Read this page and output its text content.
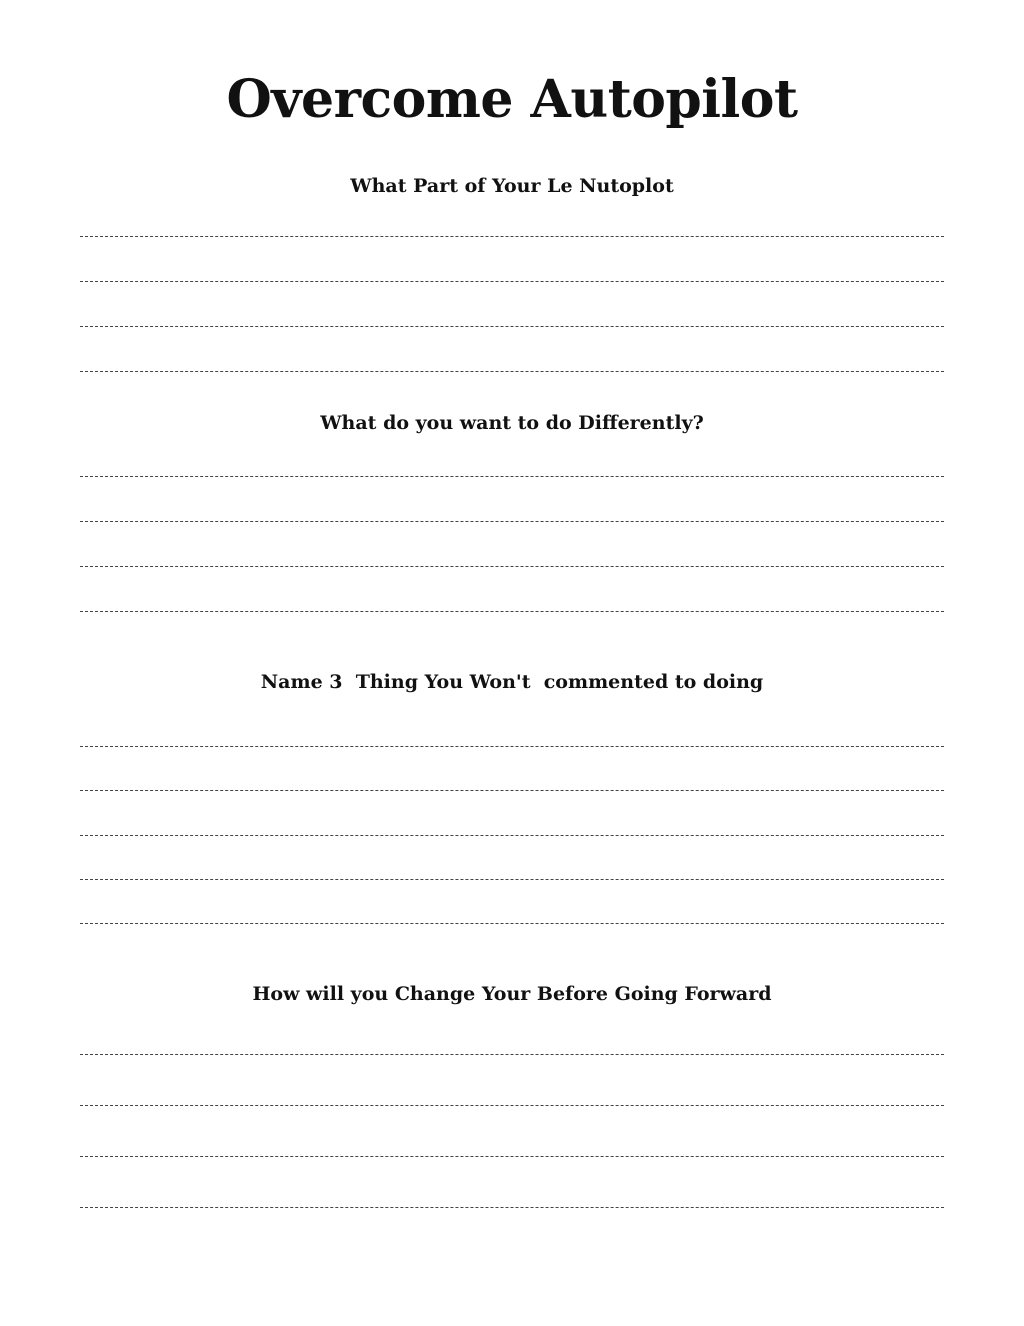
Overcome Autopilot
What Part of Your Le Nutoplot
What do you want to do Differently?
Name 3  Thing You Won't  commented to doing
How will you Change Your Before Going Forward
